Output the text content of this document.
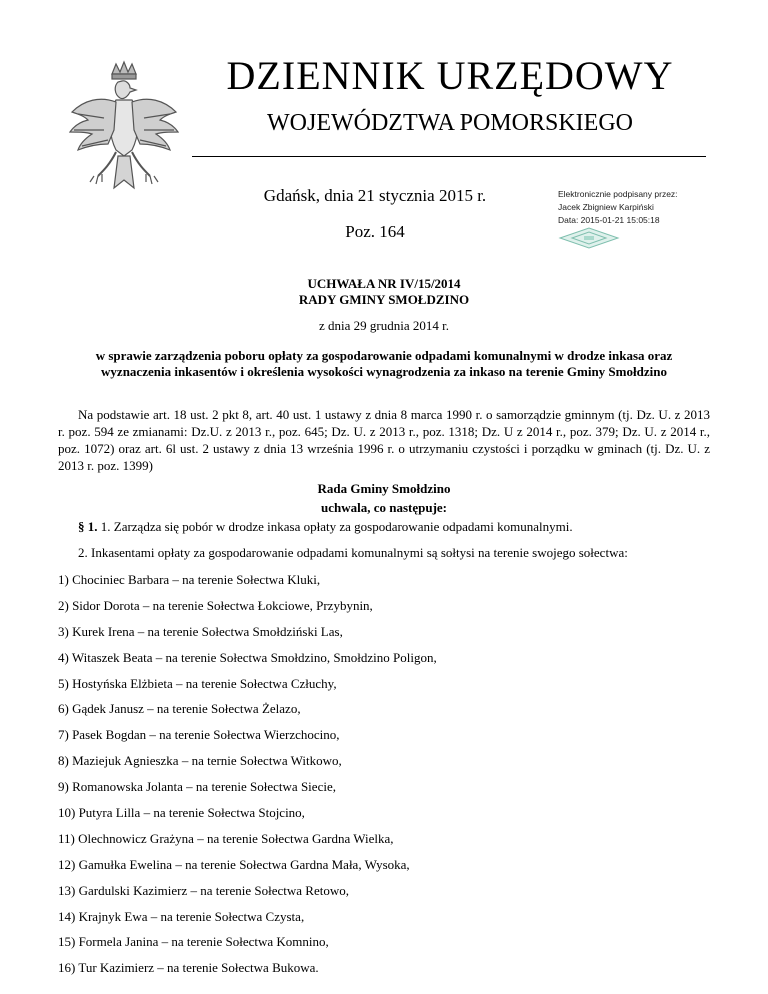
DZIENNIK URZĘDOWY
WOJEWÓDZTWA POMORSKIEGO
Gdańsk, dnia 21 stycznia 2015 r.
Poz. 164
Elektronicznie podpisany przez:
Jacek Zbigniew Karpiński
Data: 2015-01-21 15:05:18
UCHWAŁA NR IV/15/2014
RADY GMINY SMOŁDZINO
z dnia 29 grudnia 2014 r.
w sprawie zarządzenia poboru opłaty za gospodarowanie odpadami komunalnymi w drodze inkasa oraz
wyznaczenia inkasentów i określenia wysokości wynagrodzenia za inkaso na terenie Gminy Smołdzino
Na podstawie art. 18 ust. 2 pkt 8, art. 40 ust. 1 ustawy z dnia 8 marca 1990 r. o samorządzie gminnym (tj. Dz. U. z 2013 r. poz. 594 ze zmianami: Dz.U. z 2013 r., poz. 645; Dz. U. z 2013 r., poz. 1318; Dz. U z 2014 r., poz. 379; Dz. U. z 2014 r., poz. 1072) oraz art. 6l ust. 2 ustawy z dnia 13 września 1996 r. o utrzymaniu czystości i porządku w gminach (tj. Dz. U. z 2013 r. poz. 1399)
Rada Gminy Smołdzino
uchwala, co następuje:
§ 1. 1. Zarządza się pobór w drodze inkasa opłaty za gospodarowanie odpadami komunalnymi.
2. Inkasentami opłaty za gospodarowanie odpadami komunalnymi są sołtysi na terenie swojego sołectwa:
1) Chociniec Barbara – na terenie Sołectwa Kluki,
2) Sidor Dorota – na terenie Sołectwa Łokciowe, Przybynin,
3) Kurek Irena – na terenie Sołectwa Smołdziński Las,
4) Witaszek Beata – na terenie Sołectwa Smołdzino, Smołdzino Poligon,
5) Hostyńska Elżbieta – na terenie Sołectwa Człuchy,
6) Gądek Janusz – na terenie Sołectwa Żelazo,
7) Pasek Bogdan – na terenie Sołectwa Wierzchocino,
8) Maziejuk Agnieszka – na ternie Sołectwa Witkowo,
9) Romanowska Jolanta – na terenie Sołectwa Siecie,
10) Putyra Lilla – na terenie Sołectwa Stojcino,
11) Olechnowicz Grażyna – na terenie Sołectwa Gardna Wielka,
12) Gamułka Ewelina – na terenie Sołectwa Gardna Mała, Wysoka,
13) Gardulski Kazimierz – na terenie Sołectwa Retowo,
14) Krajnyk Ewa – na terenie Sołectwa Czysta,
15) Formela Janina – na terenie Sołectwa Komnino,
16) Tur Kazimierz – na terenie Sołectwa Bukowa.
